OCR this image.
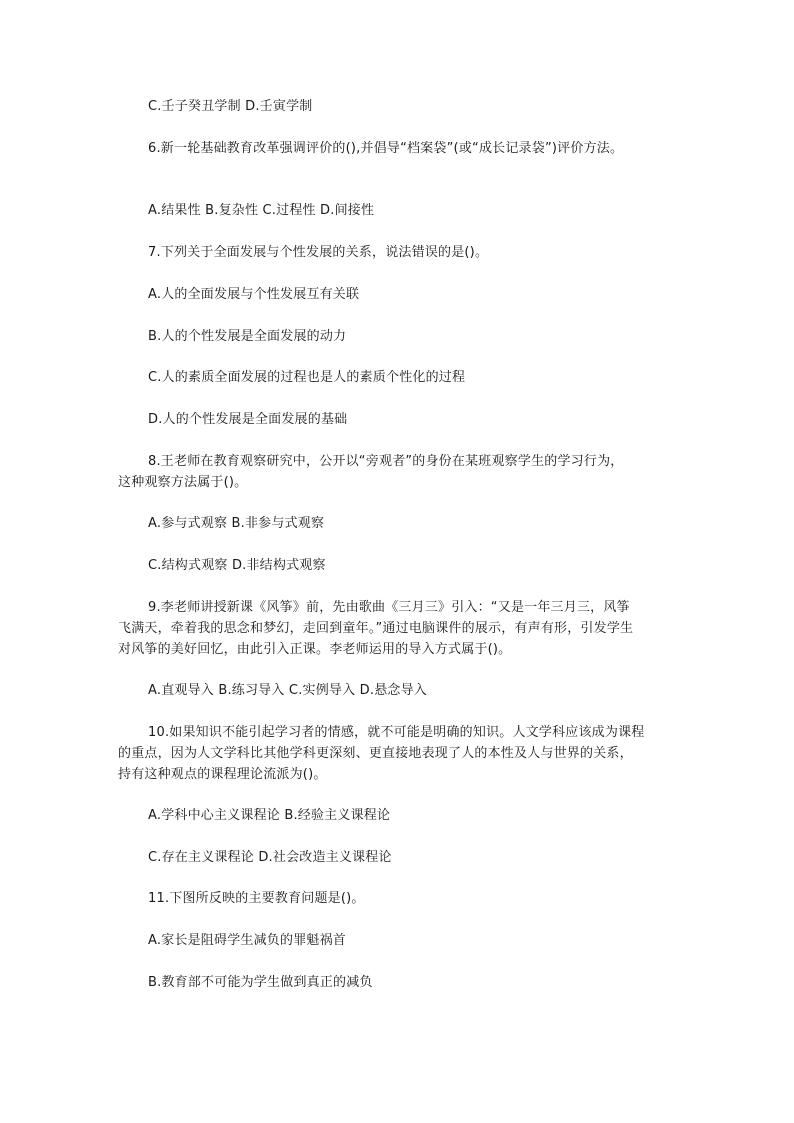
C.壬子癸丑学制 D.壬寅学制
6.新一轮基础教育改革强调评价的(),并倡导“档案袋”(或“成长记录袋”)评价方法。
A.结果性 B.复杂性 C.过程性 D.间接性
7.下列关于全面发展与个性发展的关系，说法错误的是()。
A.人的全面发展与个性发展互有关联
B.人的个性发展是全面发展的动力
C.人的素质全面发展的过程也是人的素质个性化的过程
D.人的个性发展是全面发展的基础
8.王老师在教育观察研究中，公开以“旁观者”的身份在某班观察学生的学习行为，
这种观察方法属于()。
A.参与式观察 B.非参与式观察
C.结构式观察 D.非结构式观察
9.李老师讲授新课《风筝》前，先由歌曲《三月三》引入：“又是一年三月三，风筝
飞满天，牵着我的思念和梦幻，走回到童年。”通过电脑课件的展示，有声有形，引发学生
对风筝的美好回忆，由此引入正课。李老师运用的导入方式属于()。
A.直观导入 B.练习导入 C.实例导入 D.悬念导入
10.如果知识不能引起学习者的情感，就不可能是明确的知识。人文学科应该成为课程
的重点，因为人文学科比其他学科更深刻、更直接地表现了人的本性及人与世界的关系，
持有这种观点的课程理论流派为()。
A.学科中心主义课程论 B.经验主义课程论
C.存在主义课程论 D.社会改造主义课程论
11.下图所反映的主要教育问题是()。
A.家长是阻碍学生减负的罪魁祸首
B.教育部不可能为学生做到真正的减负
